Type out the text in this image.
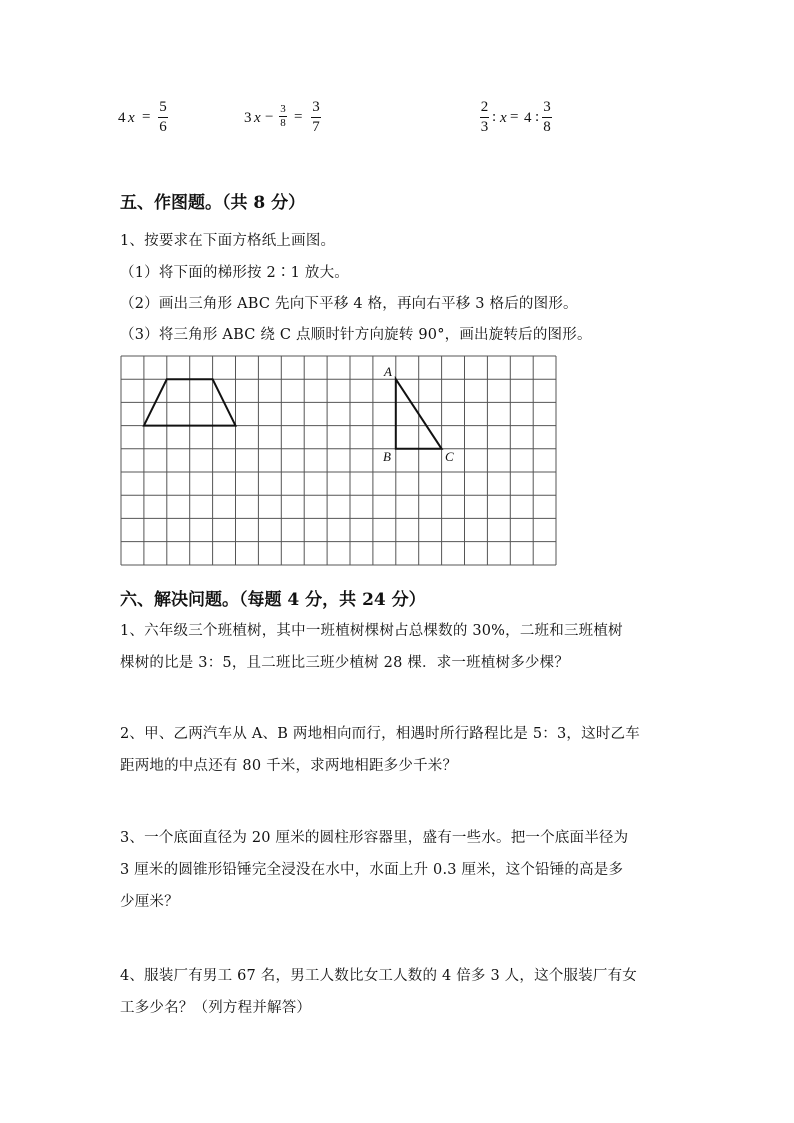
4 x =
5
6
3 x − 3
8 =
3
7
2
3
: x = 4 :
3
8
五、作图题。（共 8 分）
1、按要求在下面方格纸上画图。
（1）将下面的梯形按 2∶1 放大。
（2）画出三角形 ABC 先向下平移 4 格，再向右平移 3 格后的图形。
（3）将三角形 ABC 绕 C 点顺时针方向旋转 90°，画出旋转后的图形。
A
B	C
六、解决问题。（每题 4 分，共 24 分）
1、六年级三个班植树，其中一班植树棵树占总棵数的 30%，二班和三班植树
棵树的比是 3：5，且二班比三班少植树 28 棵．求一班植树多少棵？
2、甲、乙两汽车从 A、B 两地相向而行，相遇时所行路程比是 5：3，这时乙车
距两地的中点还有 80 千米，求两地相距多少千米？
3、一个底面直径为 20 厘米的圆柱形容器里，盛有一些水。把一个底面半径为
3 厘米的圆锥形铅锤完全浸没在水中，水面上升 0.3 厘米，这个铅锤的高是多
少厘米？
4、服装厂有男工 67 名，男工人数比女工人数的 4 倍多 3 人，这个服装厂有女
工多少名？（列方程并解答）
